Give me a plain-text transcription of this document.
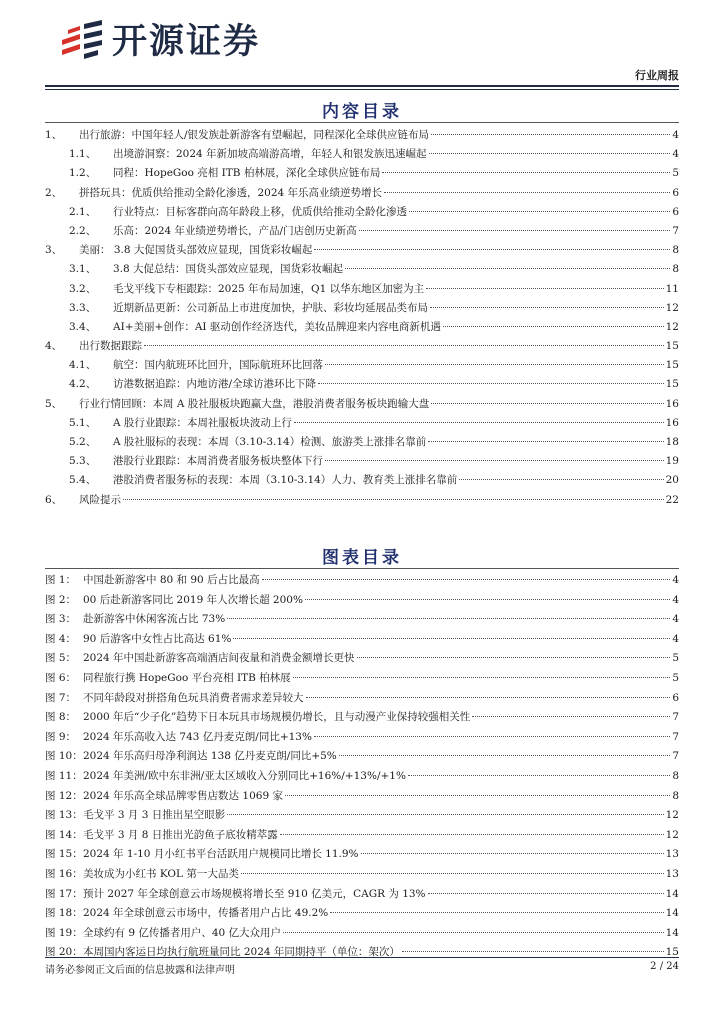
开源证券
行业周报
内容目录
1、	出行旅游：中国年轻人/银发族赴新游客有望崛起，同程深化全球供应链布局	4
1.1、	出境游洞察：2024 年新加坡高端游高增，年轻人和银发族迅速崛起	4
1.2、	同程：HopeGoo 亮相 ITB 柏林展，深化全球供应链布局	5
2、	拼搭玩具：优质供给推动全龄化渗透，2024 年乐高业绩逆势增长	6
2.1、	行业特点：目标客群向高年龄段上移，优质供给推动全龄化渗透	6
2.2、	乐高：2024 年业绩逆势增长，产品/门店创历史新高	7
3、	美丽： 3.8 大促国货头部效应显现，国货彩妆崛起	8
3.1、	3.8 大促总结：国货头部效应显现，国货彩妆崛起	8
3.2、	毛戈平线下专柜跟踪：2025 年布局加速，Q1 以华东地区加密为主	11
3.3、	近期新品更新：公司新品上市进度加快，护肤、彩妆均延展品类布局	12
3.4、	AI+美丽+创作：AI 驱动创作经济迭代，美妆品牌迎来内容电商新机遇	12
4、	出行数据跟踪	15
4.1、	航空：国内航班环比回升，国际航班环比回落	15
4.2、	访港数据追踪：内地访港/全球访港环比下降	15
5、	行业行情回顾：本周 A 股社服板块跑赢大盘，港股消费者服务板块跑输大盘	16
5.1、	A 股行业跟踪：本周社服板块波动上行	16
5.2、	A 股社服标的表现：本周（3.10-3.14）检测、旅游类上涨排名靠前	18
5.3、	港股行业跟踪：本周消费者服务板块整体下行	19
5.4、	港股消费者服务标的表现：本周（3.10-3.14）人力、教育类上涨排名靠前	20
6、	风险提示	22
图表目录
图 1： 中国赴新游客中 80 和 90 后占比最高	4
图 2： 00 后赴新游客同比 2019 年人次增长超 200%	4
图 3： 赴新游客中休闲客流占比 73%	4
图 4： 90 后游客中女性占比高达 61%	4
图 5： 2024 年中国赴新游客高端酒店间夜量和消费金额增长更快	5
图 6： 同程旅行携 HopeGoo 平台亮相 ITB 柏林展	5
图 7： 不同年龄段对拼搭角色玩具消费者需求差异较大	6
图 8： 2000 年后“少子化”趋势下日本玩具市场规模仍增长，且与动漫产业保持较强相关性	7
图 9： 2024 年乐高收入达 743 亿丹麦克朗/同比+13%	7
图 10： 2024 年乐高归母净利润达 138 亿丹麦克朗/同比+5%	7
图 11： 2024 年美洲/欧中东非洲/亚太区域收入分别同比+16%/+13%/+1%	8
图 12： 2024 年乐高全球品牌零售店数达 1069 家	8
图 13： 毛戈平 3 月 3 日推出星空眼影	12
图 14： 毛戈平 3 月 8 日推出光韵鱼子底妆精萃露	12
图 15： 2024 年 1-10 月小红书平台活跃用户规模同比增长 11.9%	13
图 16： 美妆成为小红书 KOL 第一大品类	13
图 17： 预计 2027 年全球创意云市场规模将增长至 910 亿美元，CAGR 为 13%	14
图 18： 2024 年全球创意云市场中，传播者用户占比 49.2%	14
图 19： 全球约有 9 亿传播者用户、40 亿大众用户	14
图 20： 本周国内客运日均执行航班量同比 2024 年同期持平（单位：架次）	15
请务必参阅正文后面的信息披露和法律声明	2 / 24
